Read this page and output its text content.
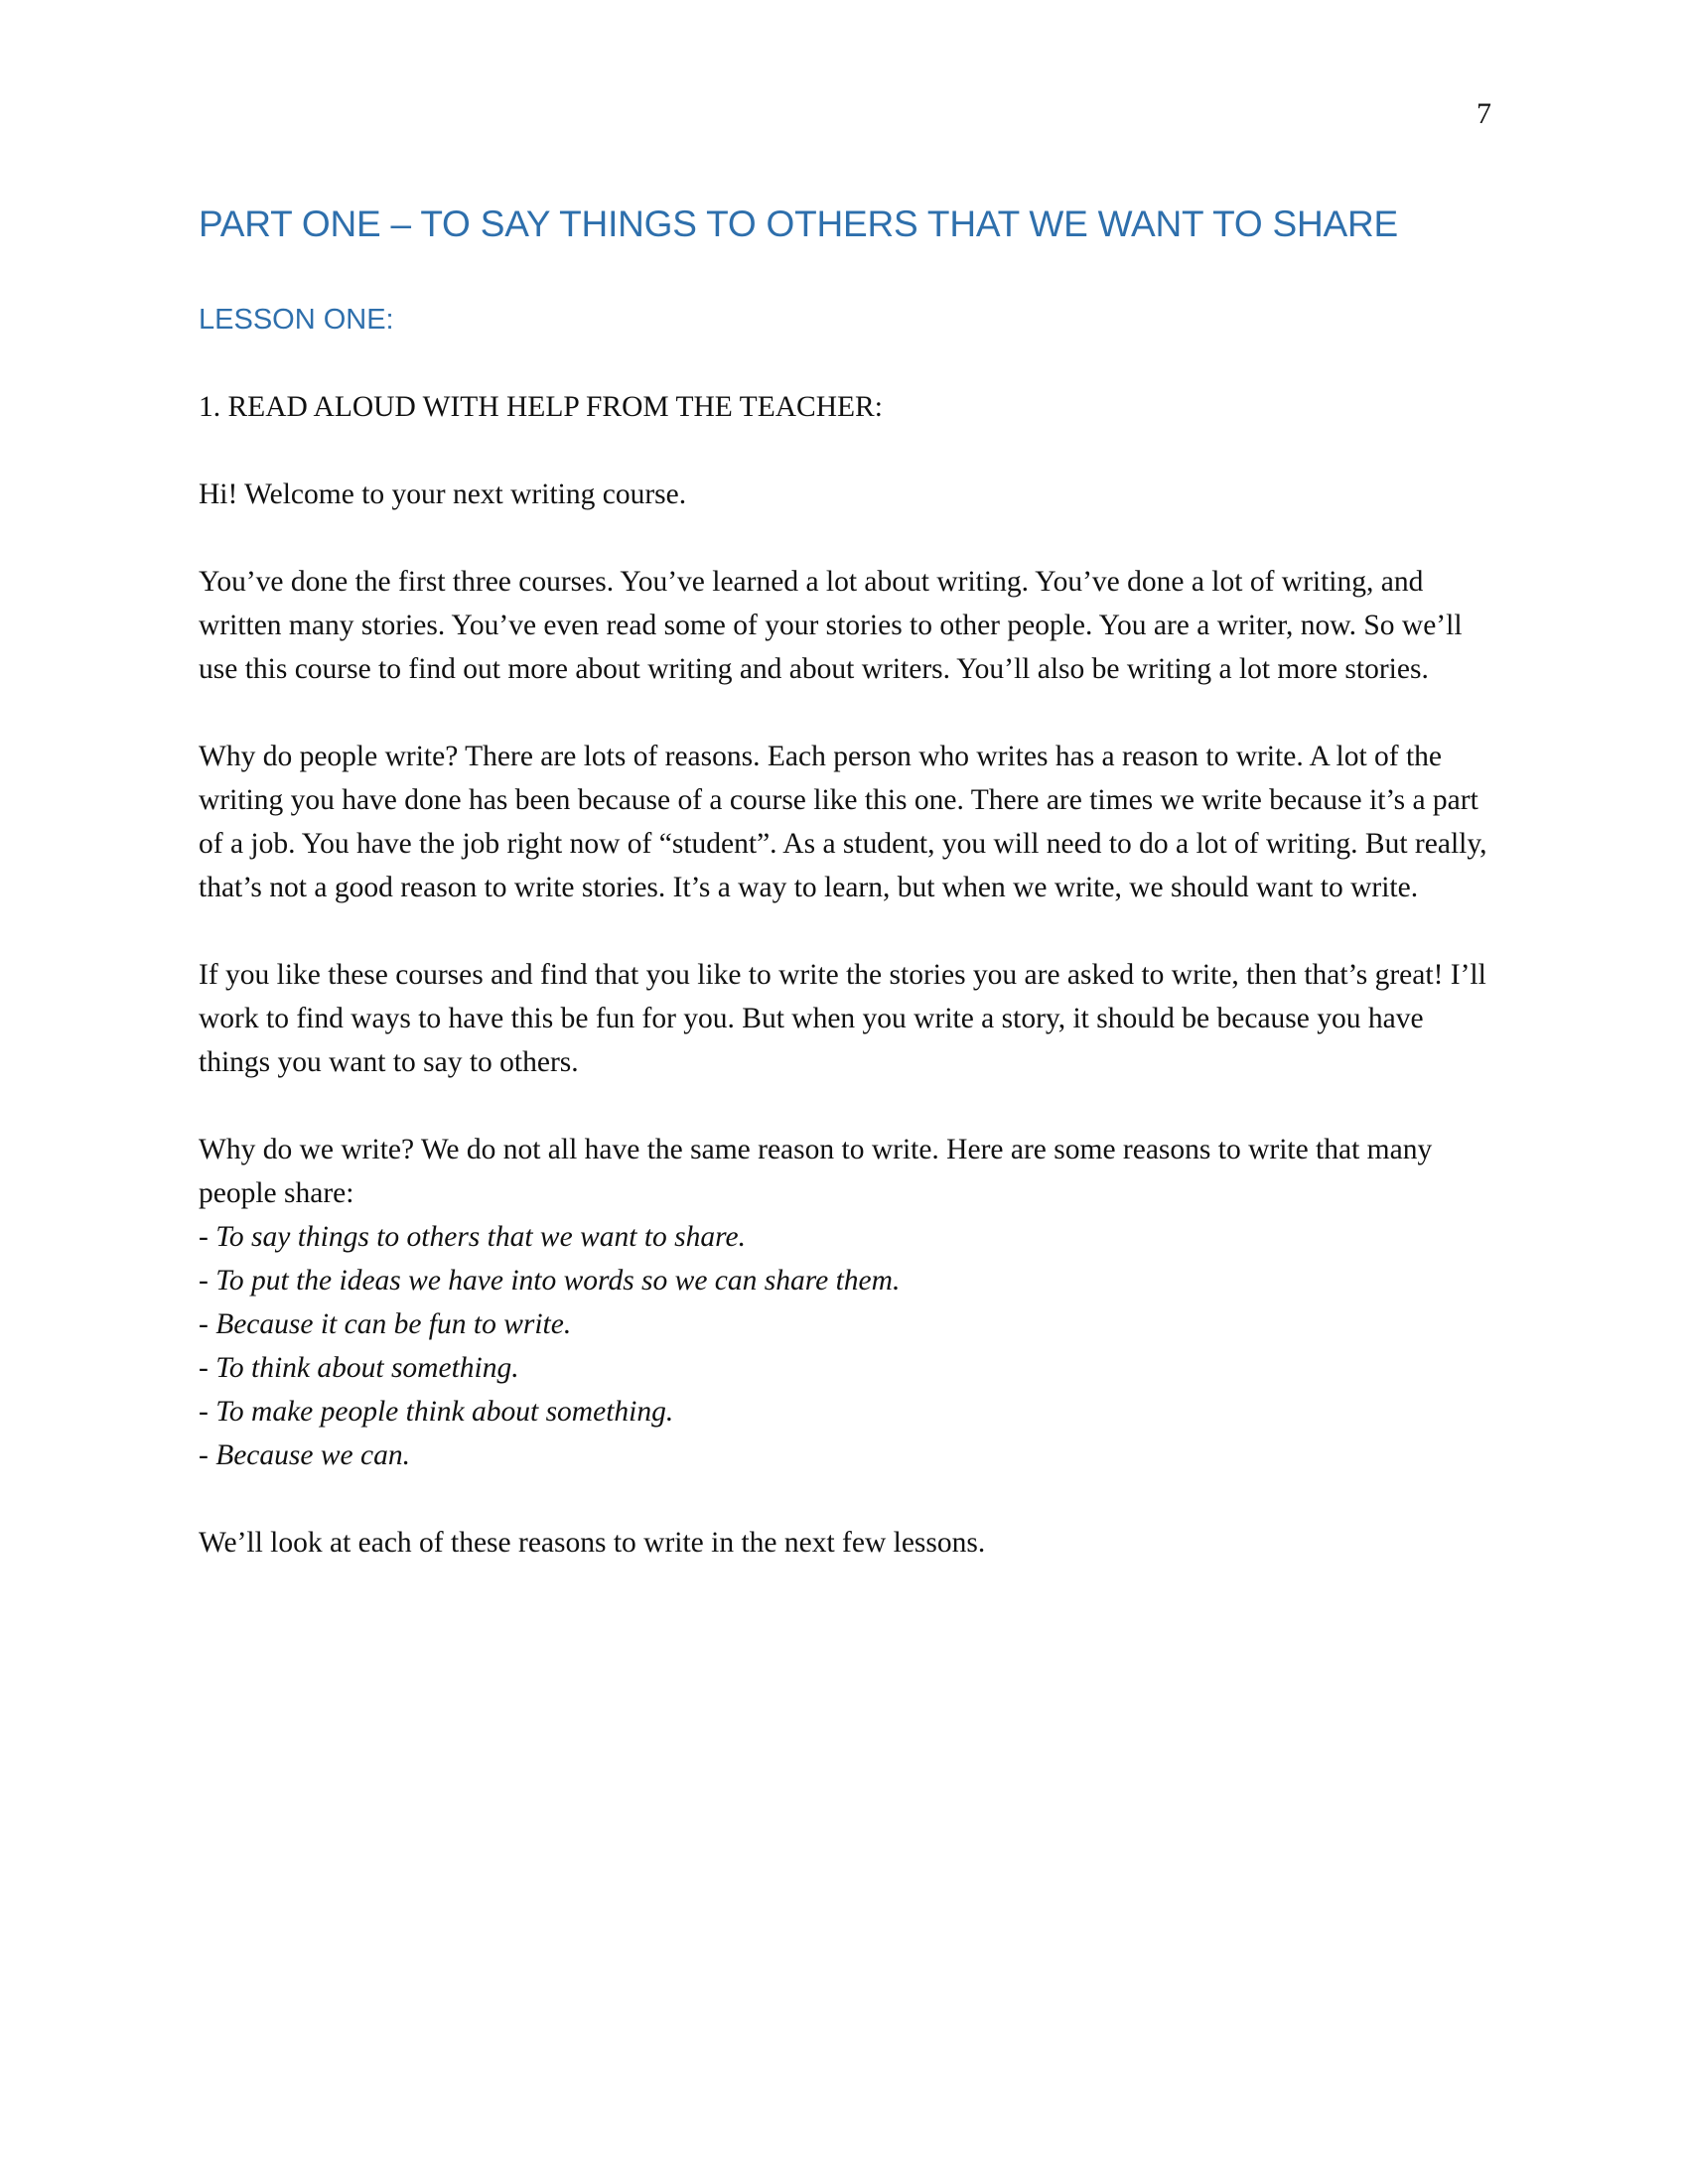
7
PART ONE – TO SAY THINGS TO OTHERS THAT WE WANT TO SHARE
LESSON ONE:

1. READ ALOUD WITH HELP FROM THE TEACHER:

Hi! Welcome to your next writing course.

You’ve done the first three courses. You’ve learned a lot about writing. You’ve done a lot of writing, and written many stories. You’ve even read some of your stories to other people. You are a writer, now. So we’ll use this course to find out more about writing and about writers. You’ll also be writing a lot more stories.

Why do people write? There are lots of reasons. Each person who writes has a reason to write. A lot of the writing you have done has been because of a course like this one. There are times we write because it’s a part of a job. You have the job right now of “student”. As a student, you will need to do a lot of writing. But really, that’s not a good reason to write stories. It’s a way to learn, but when we write, we should want to write.

If you like these courses and find that you like to write the stories you are asked to write, then that’s great! I’ll work to find ways to have this be fun for you. But when you write a story, it should be because you have things you want to say to others.

Why do we write? We do not all have the same reason to write. Here are some reasons to write that many people share:

- To say things to others that we want to share.
- To put the ideas we have into words so we can share them.
- Because it can be fun to write.
- To think about something.
- To make people think about something.
- Because we can.

We’ll look at each of these reasons to write in the next few lessons.
